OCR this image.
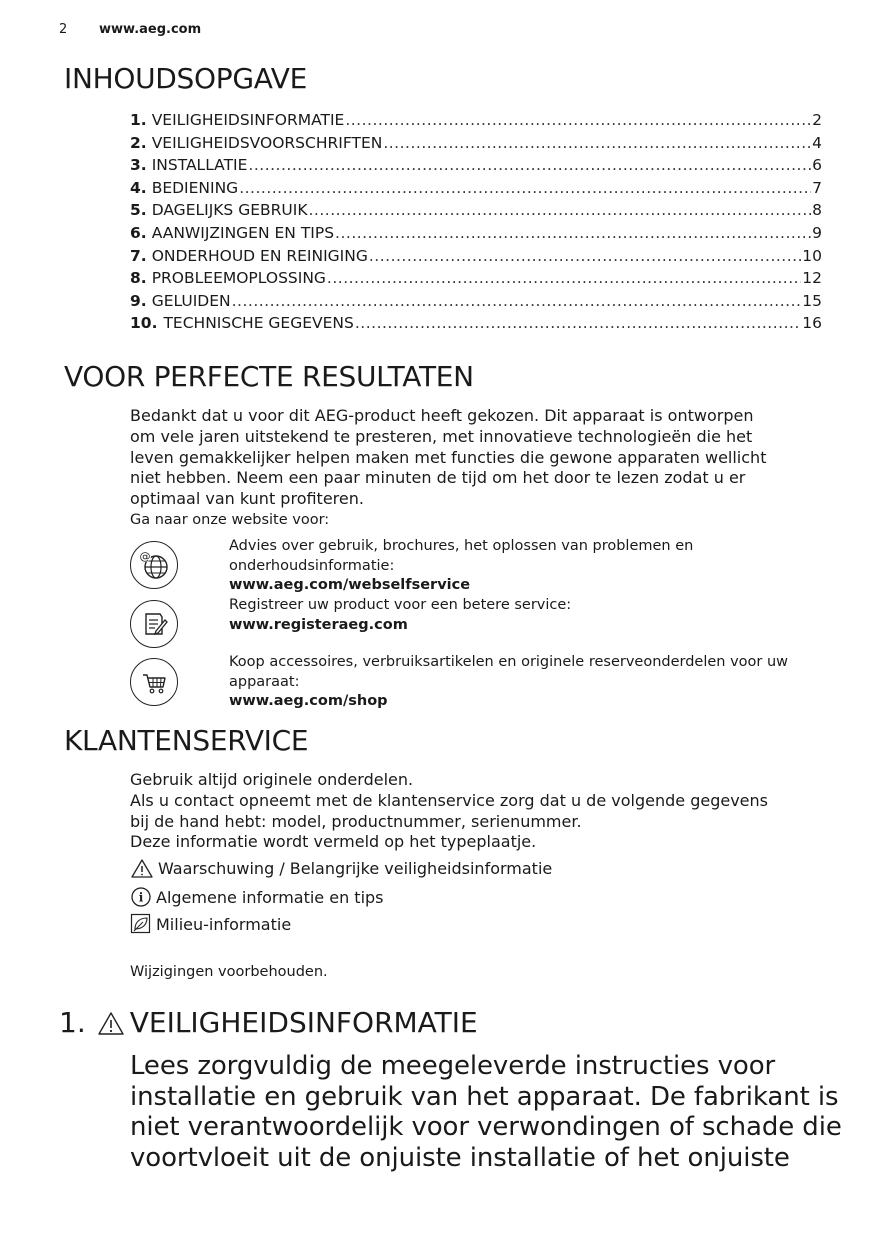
2 www.aeg.com
INHOUDSOPGAVE
1. VEILIGHEIDSINFORMATIE .....	2
2. VEILIGHEIDSVOORSCHRIFTEN .....	4
3. INSTALLATIE .....	6
4. BEDIENING .....	7
5. DAGELIJKS GEBRUIK .....	8
6. AANWIJZINGEN EN TIPS .....	9
7. ONDERHOUD EN REINIGING .....	10
8. PROBLEEMOPLOSSING .....	12
9. GELUIDEN .....	15
10. TECHNISCHE GEGEVENS .....	16
VOOR PERFECTE RESULTATEN
Bedankt dat u voor dit AEG-product heeft gekozen. Dit apparaat is ontworpen
om vele jaren uitstekend te presteren, met innovatieve technologieën die het
leven gemakkelijker helpen maken met functies die gewone apparaten wellicht
niet hebben. Neem een paar minuten de tijd om het door te lezen zodat u er
optimaal van kunt profiteren.
Ga naar onze website voor:
@
Advies over gebruik, brochures, het oplossen van problemen en
onderhoudsinformatie:
www.aeg.com/webselfservice
Registreer uw product voor een betere service:
www.registeraeg.com
Koop accessoires, verbruiksartikelen en originele reserveonderdelen voor uw
apparaat:
www.aeg.com/shop
KLANTENSERVICE
Gebruik altijd originele onderdelen.
Als u contact opneemt met de klantenservice zorg dat u de volgende gegevens
bij de hand hebt: model, productnummer, serienummer.
Deze informatie wordt vermeld op het typeplaatje.
Waarschuwing / Belangrijke veiligheidsinformatie
i Algemene informatie en tips
Milieu-informatie
Wijzigingen voorbehouden.
1. VEILIGHEIDSINFORMATIE
Lees zorgvuldig de meegeleverde instructies voor
installatie en gebruik van het apparaat. De fabrikant is
niet verantwoordelijk voor verwondingen of schade die
voortvloeit uit de onjuiste installatie of het onjuiste
